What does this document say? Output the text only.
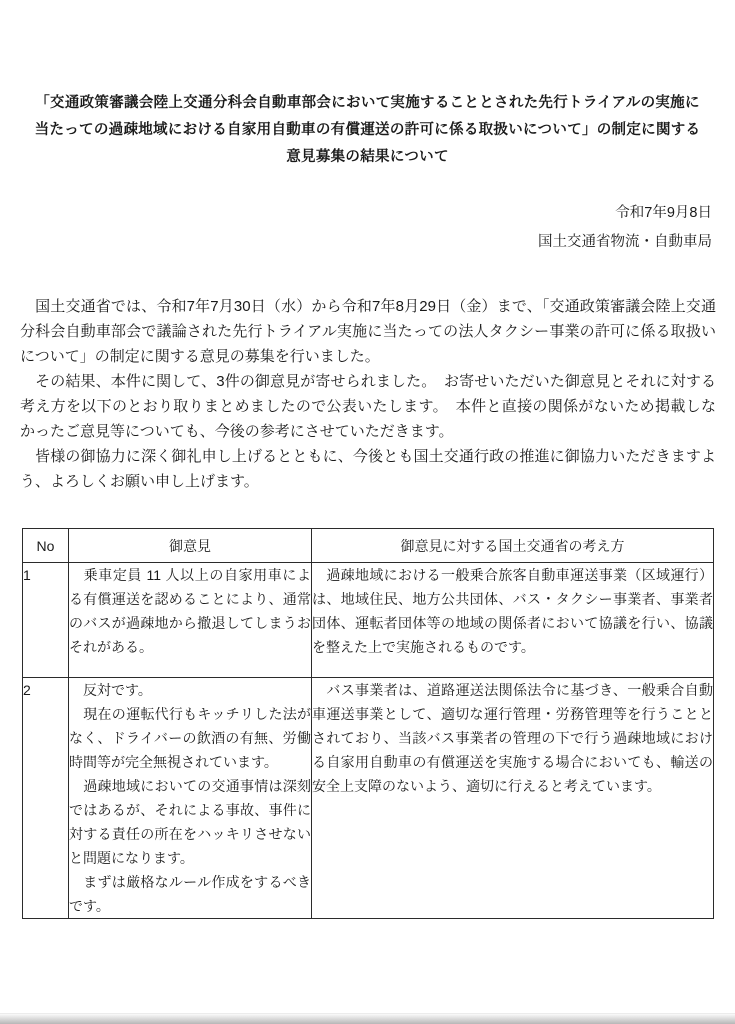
「交通政策審議会陸上交通分科会自動車部会において実施することとされた先行トライアルの実施に当たっての過疎地域における自家用自動車の有償運送の許可に係る取扱いについて」の制定に関する意見募集の結果について
令和7年9月8日
国土交通省物流・自動車局

　国土交通省では、令和7年7月30日（水）から令和7年8月29日（金）まで、「交通政策審議会陸上交通分科会自動車部会で議論された先行トライアル実施に当たっての法人タクシー事業の許可に係る取扱いについて」の制定に関する意見の募集を行いました。

　その結果、本件に関して、3件の御意見が寄せられました。　お寄せいただいた御意見とそれに対する考え方を以下のとおり取りまとめましたので公表いたします。　本件と直接の関係がないため掲載しなかったご意見等についても、今後の参考にさせていただきます。

　皆様の御協力に深く御礼申し上げるとともに、今後とも国土交通行政の推進に御協力いただきますよう、よろしくお願い申し上げます。

No	御意見	御意見に対する国土交通省の考え方
1	　乗車定員 11 人以上の自家用車による有償運送を認めることにより、通常のバスが過疎地から撤退してしまうおそれがある。	　過疎地域における一般乗合旅客自動車運送事業（区域運行）は、地域住民、地方公共団体、バス・タクシー事業者、事業者団体、運転者団体等の地域の関係者において協議を行い、協議を整えた上で実施されるものです。

2	　反対です。

　現在の運転代行もキッチリした法がなく、ドライバーの飲酒の有無、労働時間等が完全無視されています。

　過疎地域においての交通事情は深刻ではあるが、それによる事故、事件に対する責任の所在をハッキリさせないと問題になります。

　まずは厳格なルール作成をするべきです。	　バス事業者は、道路運送法関係法令に基づき、一般乗合自動車運送事業として、適切な運行管理・労務管理等を行うこととされており、当該バス事業者の管理の下で行う過疎地域における自家用自動車の有償運送を実施する場合においても、輸送の安全上支障のないよう、適切に行えると考えています。
